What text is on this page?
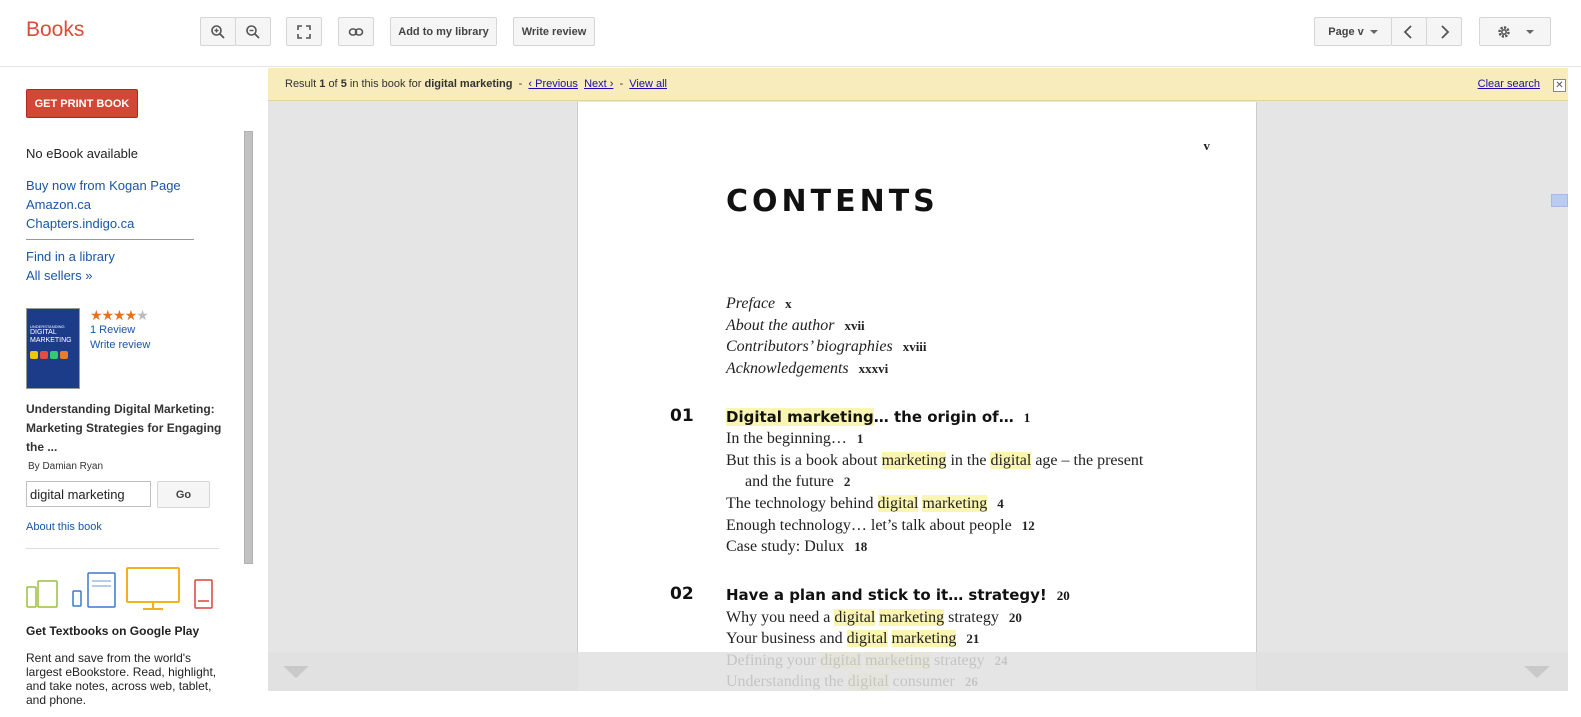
Books	Add to my library	Write review	Page v
GET PRINT BOOK
No eBook available
Buy now from Kogan Page
Amazon.ca
Chapters.indigo.ca
Find in a library
All sellers »
UNDERSTANDING
DIGITAL
MARKETING
★★★★★
1 Review
Write review
Understanding Digital Marketing: Marketing Strategies for Engaging the ...
By Damian Ryan
digital marketing
Go
About this book
Get Textbooks on Google Play
Rent and save from the world's largest eBookstore. Read, highlight, and take notes, across web, tablet, and phone.
Result 1 of 5 in this book for digital marketing  -  ‹ Previous Next ›  -  View all	Clear search ✕
v
CONTENTS
Preface x
About the author xvii
Contributors’ biographies xviii
Acknowledgements xxxvi
01 Digital marketing… the origin of… 1
In the beginning… 1
But this is a book about marketing in the digital age – the present
and the future 2
The technology behind digital marketing 4
Enough technology… let’s talk about people 12
Case study: Dulux 18
02 Have a plan and stick to it… strategy! 20
Why you need a digital marketing strategy 20
Your business and digital marketing 21
